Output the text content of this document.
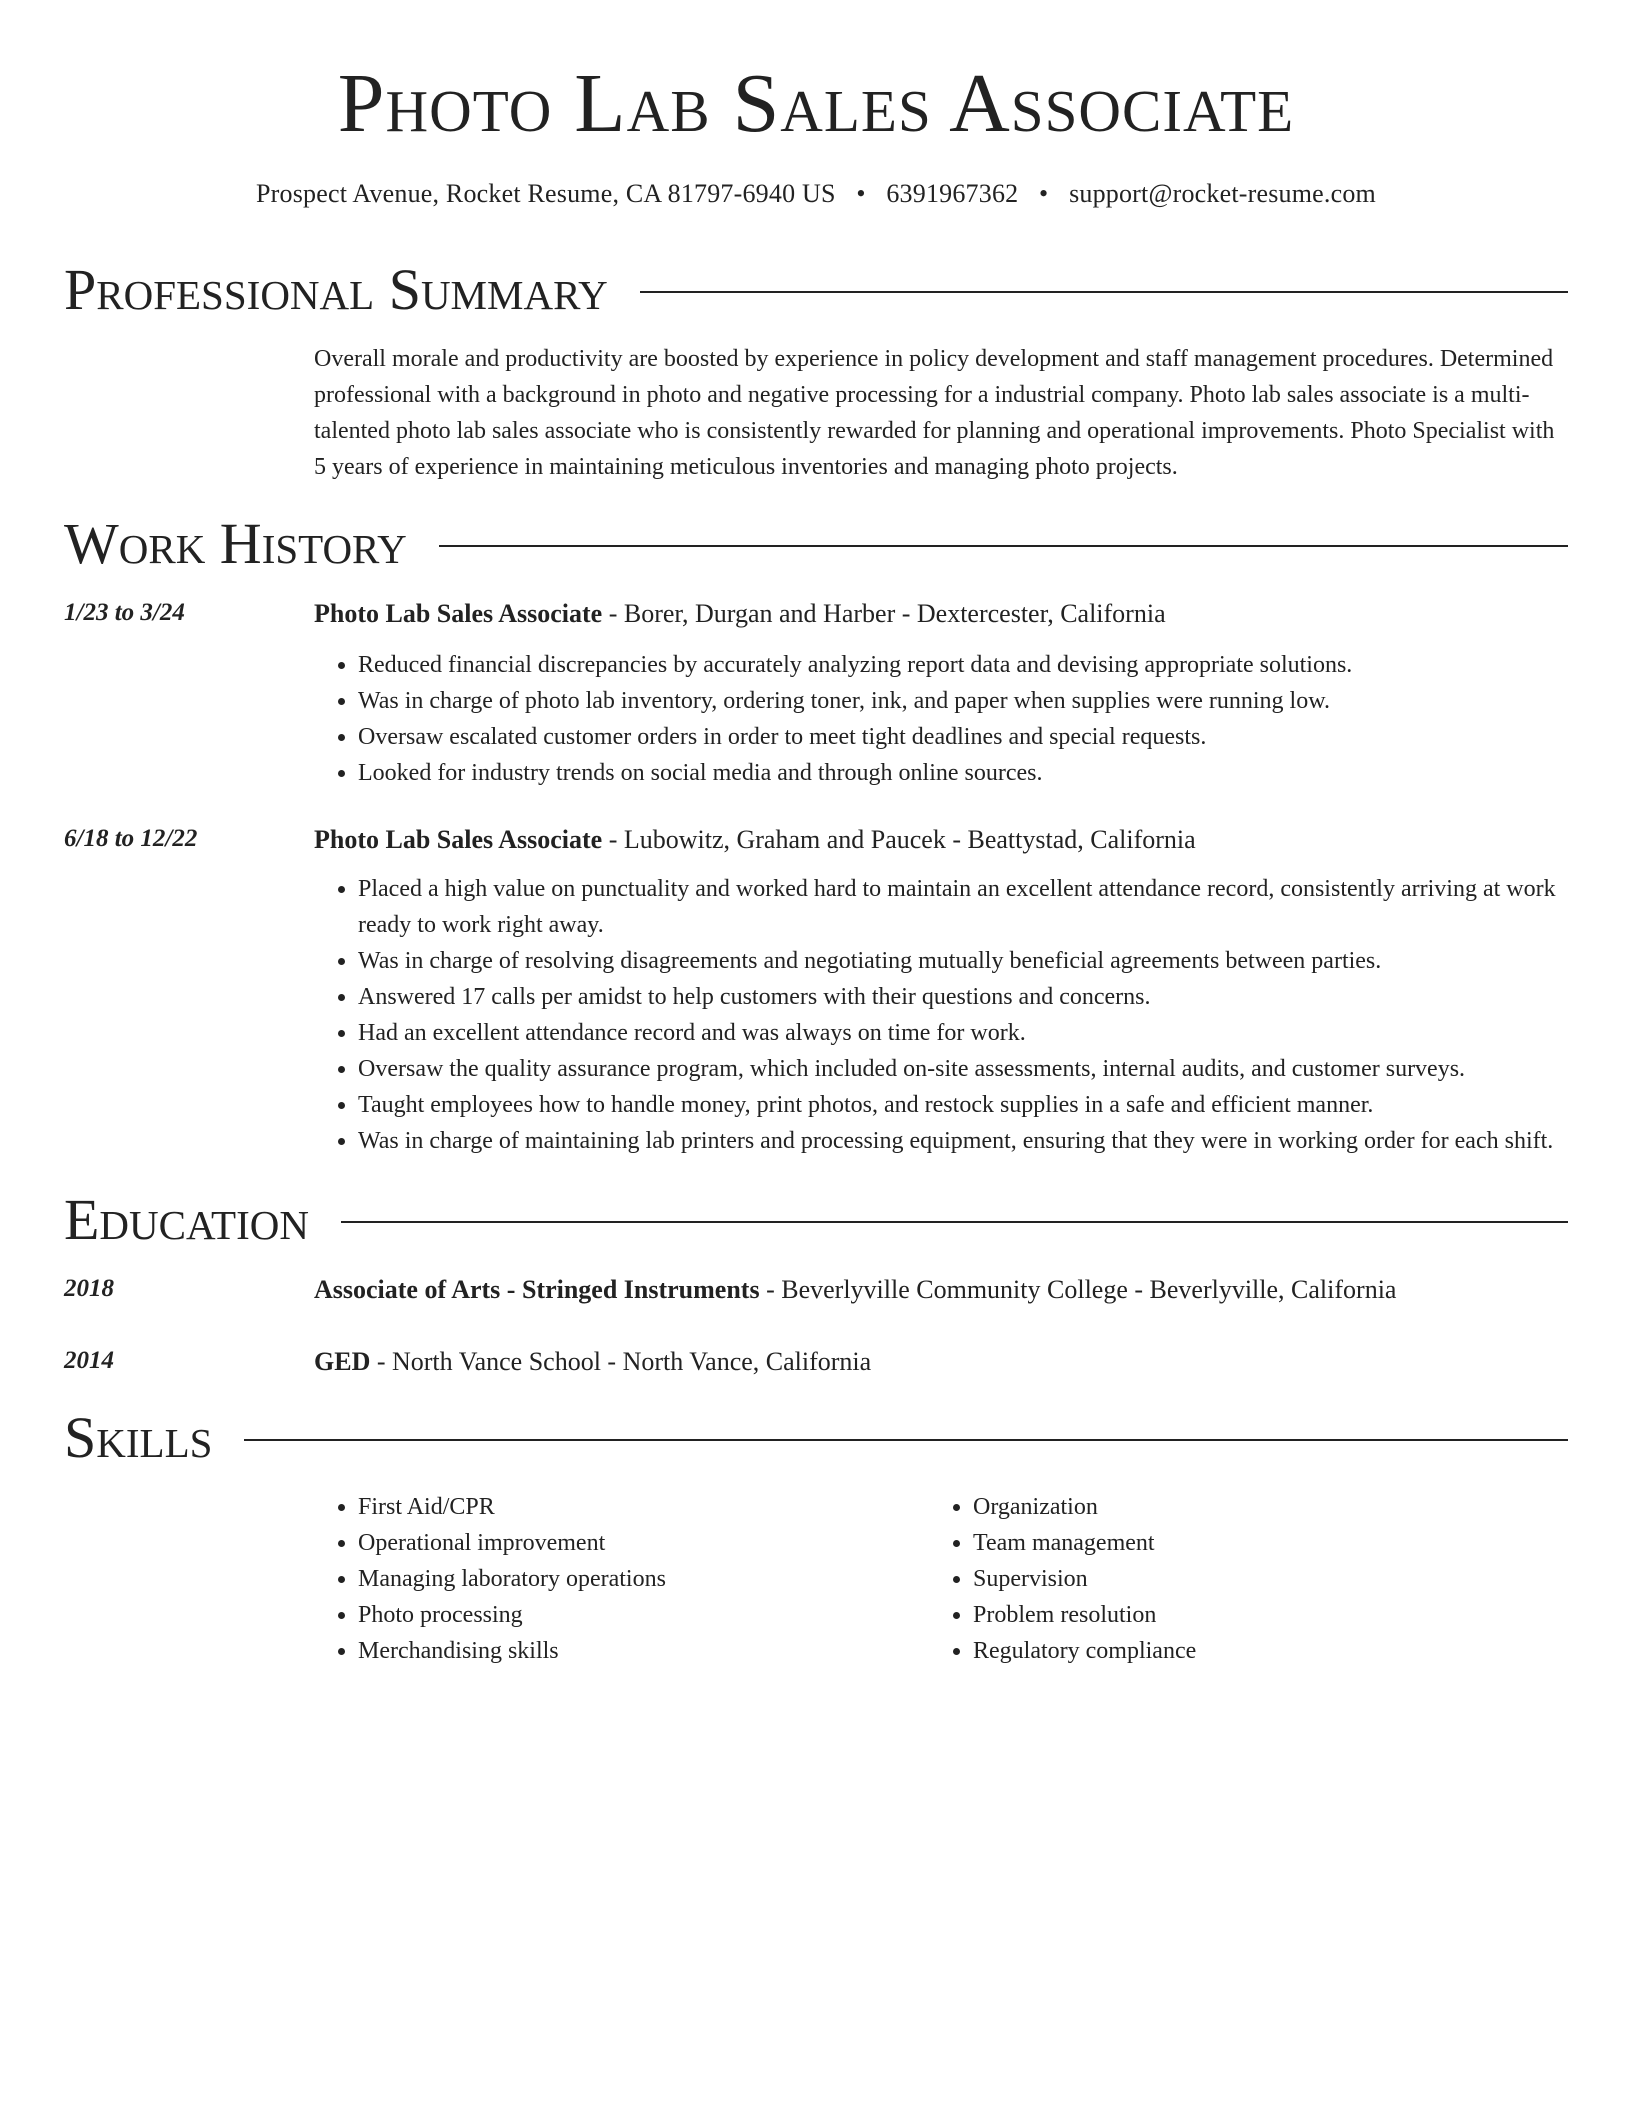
Photo Lab Sales Associate
Prospect Avenue, Rocket Resume, CA 81797-6940 US • 6391967362 • support@rocket-resume.com
Professional Summary
Overall morale and productivity are boosted by experience in policy development and staff management procedures. Determined professional with a background in photo and negative processing for a industrial company. Photo lab sales associate is a multi-talented photo lab sales associate who is consistently rewarded for planning and operational improvements. Photo Specialist with 5 years of experience in maintaining meticulous inventories and managing photo projects.
Work History
1/23 to 3/24	Photo Lab Sales Associate - Borer, Durgan and Harber - Dextercester, California
• Reduced financial discrepancies by accurately analyzing report data and devising appropriate solutions.
• Was in charge of photo lab inventory, ordering toner, ink, and paper when supplies were running low.
• Oversaw escalated customer orders in order to meet tight deadlines and special requests.
• Looked for industry trends on social media and through online sources.
6/18 to 12/22	Photo Lab Sales Associate - Lubowitz, Graham and Paucek - Beattystad, California
• Placed a high value on punctuality and worked hard to maintain an excellent attendance record, consistently arriving at work ready to work right away.
• Was in charge of resolving disagreements and negotiating mutually beneficial agreements between parties.
• Answered 17 calls per amidst to help customers with their questions and concerns.
• Had an excellent attendance record and was always on time for work.
• Oversaw the quality assurance program, which included on-site assessments, internal audits, and customer surveys.
• Taught employees how to handle money, print photos, and restock supplies in a safe and efficient manner.
• Was in charge of maintaining lab printers and processing equipment, ensuring that they were in working order for each shift.
Education
2018	Associate of Arts - Stringed Instruments - Beverlyville Community College - Beverlyville, California
2014	GED - North Vance School - North Vance, California
Skills
• First Aid/CPR
• Operational improvement
• Managing laboratory operations
• Photo processing
• Merchandising skills
• Organization
• Team management
• Supervision
• Problem resolution
• Regulatory compliance
